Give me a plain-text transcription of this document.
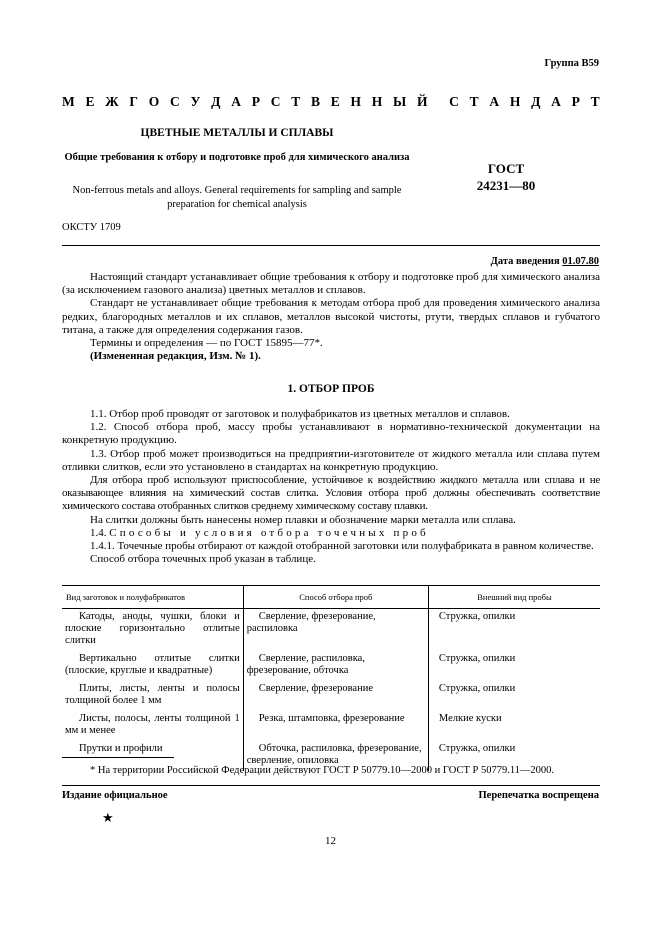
Группа В59
М Е Ж Г О С У Д А Р С Т В Е Н Н Ы Й С Т А Н Д А Р Т
ЦВЕТНЫЕ МЕТАЛЛЫ И СПЛАВЫ
Общие требования к отбору и подготовке проб для химического анализа
Non-ferrous metals and alloys. General requirements for sampling and sample preparation for chemical analysis
ГОСТ
24231—80
ОКСТУ 1709
Дата введения 01.07.80

Настоящий стандарт устанавливает общие требования к отбору и подготовке проб для химического анализа (за исключением газового анализа) цветных металлов и сплавов.

Стандарт не устанавливает общие требования к методам отбора проб для проведения химического анализа редких, благородных металлов и их сплавов, металлов высокой чистоты, ртути, твердых сплавов и губчатого титана, а также для определения содержания газов.

Термины и определения — по ГОСТ 15895—77*.

(Измененная редакция, Изм. № 1).

1. ОТБОР ПРОБ

1.1. Отбор проб проводят от заготовок и полуфабрикатов из цветных металлов и сплавов.

1.2. Способ отбора проб, массу пробы устанавливают в нормативно-технической документации на конкретную продукцию.

1.3. Отбор проб может производиться на предприятии-изготовителе от жидкого металла или сплава путем отливки слитков, если это установлено в стандартах на конкретную продукцию.

Для отбора проб используют приспособление, устойчивое к воздействию жидкого металла или сплава и не оказывающее влияния на химический состав слитка. Условия отбора проб должны обеспечивать соответствие химического состава отобранных слитков среднему химическому составу плавки.

На слитки должны быть нанесены номер плавки и обозначение марки металла или сплава.

1.4. Способы и условия отбора точечных проб

1.4.1. Точечные пробы отбирают от каждой отобранной заготовки или полуфабриката в равном количестве.

Способ отбора точечных проб указан в таблице.

Вид заготовок и полуфабрикатов	Способ отбора проб	Внешний вид пробы

Катоды, аноды, чушки, блоки и плоские горизонтально отлитые слитки	Сверление, фрезерование, распиловка	Стружка, опилки

Вертикально отлитые слитки (плоские, круглые и квадратные)	Сверление, распиловка, фрезерование, обточка	Стружка, опилки

Плиты, листы, ленты и полосы толщиной более 1 мм	Сверление, фрезерование	Стружка, опилки

Листы, полосы, ленты толщиной 1 мм и менее	Резка, штамповка, фрезерование	Мелкие куски

Прутки и профили	Обточка, распиловка, фрезерование, сверление, опиловка	Стружка, опилки
* На территории Российской Федерации действуют ГОСТ Р 50779.10—2000 и ГОСТ Р 50779.11—2000.
Издание официальное	Перепечатка воспрещена
★
12
